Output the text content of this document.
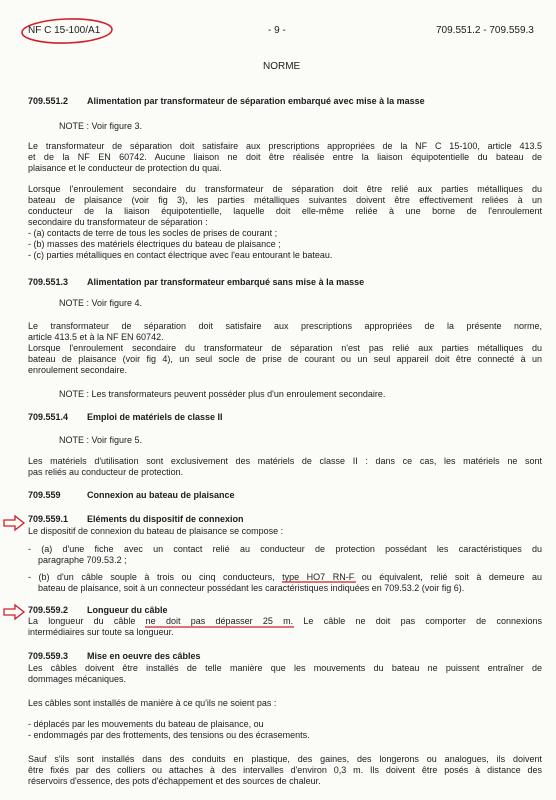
NF C 15-100/A1	- 9 -	709.551.2 - 709.559.3
NORME
709.551.2 Alimentation par transformateur de séparation embarqué avec mise à la masse
NOTE : Voir figure 3.
Le transformateur de séparation doit satisfaire aux prescriptions appropriées de la NF C 15-100, article 413.5
et de la NF EN 60742. Aucune liaison ne doit être réalisée entre la liaison équipotentielle du bateau de
plaisance et le conducteur de protection du quai.
Lorsque l'enroulement secondaire du transformateur de séparation doit être relié aux parties métalliques du
bateau de plaisance (voir fig 3), les parties métalliques suivantes doivent être effectivement reliées à un
conducteur de la liaison équipotentielle, laquelle doit elle-même reliée à une borne de l'enroulement
secondaire du transformateur de séparation :
- (a) contacts de terre de tous les socles de prises de courant ;
- (b) masses des matériels électriques du bateau de plaisance ;
- (c) parties métalliques en contact électrique avec l'eau entourant le bateau.
709.551.3 Alimentation par transformateur embarqué sans mise à la masse
NOTE : Voir figure 4.
Le transformateur de séparation doit satisfaire aux prescriptions appropriées de la présente norme,
article 413.5 et à la NF EN 60742.
Lorsque l'enroulement secondaire du transformateur de séparation n'est pas relié aux parties métalliques du
bateau de plaisance (voir fig 4), un seul socle de prise de courant ou un seul appareil doit être connecté à un
enroulement secondaire.
NOTE : Les transformateurs peuvent posséder plus d'un enroulement secondaire.
709.551.4 Emploi de matériels de classe II
NOTE : Voir figure 5.
Les matériels d'utilisation sont exclusivement des matériels de classe II : dans ce cas, les matériels ne sont
pas reliés au conducteur de protection.
709.559	Connexion au bateau de plaisance
709.559.1 Eléments du dispositif de connexion
Le dispositif de connexion du bateau de plaisance se compose :
- (a) d'une fiche avec un contact relié au conducteur de protection possédant les caractéristiques du
paragraphe 709.53.2 ;
- (b) d'un câble souple à trois ou cinq conducteurs, type HO7 RN-F ou équivalent, relié soit à demeure au
bateau de plaisance, soit à un connecteur possédant les caractéristiques indiquées en 709.53.2 (voir fig 6).
709.559.2 Longueur du câble
La longueur du câble ne doit pas dépasser 25 m. Le câble ne doit pas comporter de connexions
intermédiaires sur toute sa longueur.
709.559.3 Mise en oeuvre des câbles
Les câbles doivent être installés de telle manière que les mouvements du bateau ne puissent entraîner de
dommages mécaniques.
Les câbles sont installés de manière à ce qu'ils ne soient pas :
- déplacés par les mouvements du bateau de plaisance, ou
- endommagés par des frottements, des tensions ou des écrasements.
Sauf s'ils sont installés dans des conduits en plastique, des gaines, des longerons ou analogues, ils doivent
être fixés par des colliers ou attaches à des intervalles d'environ 0,3 m. Ils doivent être posés à distance des
réservoirs d'essence, des pots d'échappement et des sources de chaleur.
